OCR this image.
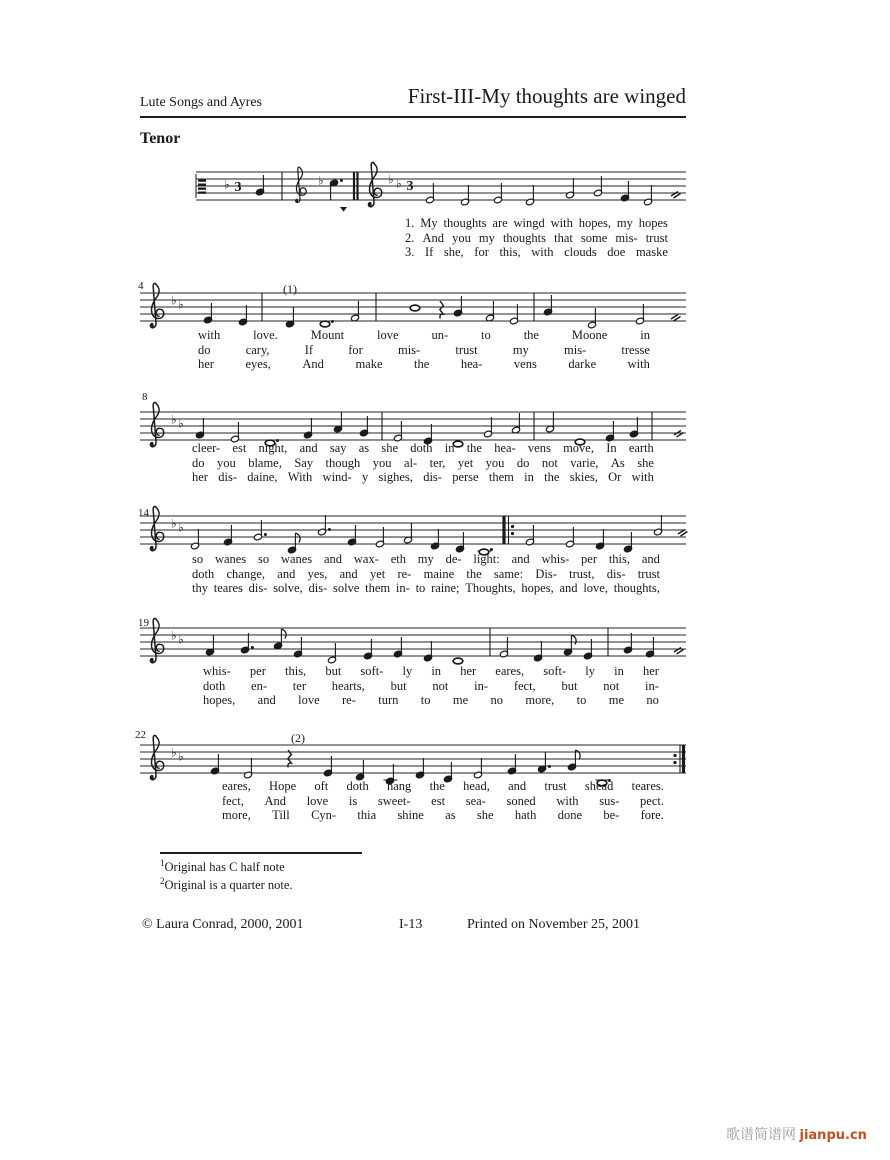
Lute Songs and Ayres	First-III-My thoughts are winged
Tenor
♭ 3	♭	♭ ♭ 3
1. My thoughts are wingd with hopes, my hopes
2. And you my thoughts that some mis- trust
3. If she, for this, with clouds doe maske
4	(1)
♭ ♭
with	love.	Mount	love	un-	to	the	Moone	in
do	cary,	If	for	mis-	trust	my	mis-	tresse
her	eyes,	And	make	the	hea-	vens	darke	with
8
♭ ♭
cleer- est night, and say as she doth in the hea- vens move, In earth
do you blame, Say though you al- ter, yet you do not varie, As she
her dis- daine, With wind- y sighes, dis- perse them in the skies, Or with
14
♭ ♭
so wanes so wanes and wax- eth my de- light: and whis- per this, and
doth change, and yes, and yet re- maine the same: Dis- trust, dis- trust
thy teares dis- solve, dis- solve them in- to raine; Thoughts, hopes, and love, thoughts,
19
♭ ♭
whis- per this, but soft- ly in her eares, soft- ly in her
doth en- ter hearts, but not in- fect, but not in-
hopes, and love re- turn to me no more, to me no
22	(2)
♭ ♭
eares, Hope oft doth hang the head, and trust shead teares.
fect, And love is sweet- est sea- soned with sus- pect.
more, Till Cyn- thia shine as she hath done be- fore.
$^1$Original has C half note
$^2$Original is a quarter note.
© Laura Conrad, 2000, 2001	I-13	Printed on November 25, 2001
歌谱简谱网 jianpu.cn
